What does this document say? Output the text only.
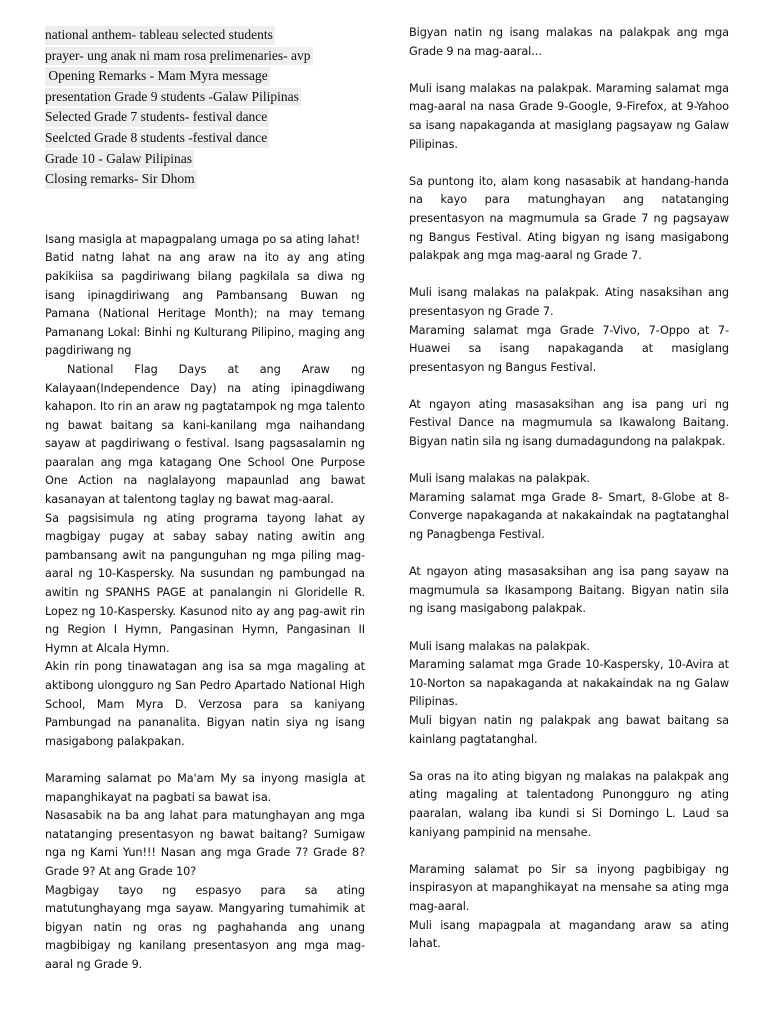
national anthem- tableau selected students
prayer- ung anak ni mam rosa prelimenaries- avp
Opening Remarks - Mam Myra message
presentation Grade 9 students -Galaw Pilipinas
Selected Grade 7 students- festival dance
Seelcted Grade 8 students -festival dance
Grade 10 - Galaw Pilipinas
Closing remarks- Sir Dhom

Isang masigla at mapagpalang umaga po sa ating lahat!

Batid natng lahat na ang araw na ito ay ang ating pakikiisa sa pagdiriwang bilang pagkilala sa diwa ng isang ipinagdiriwang ang Pambansang Buwan ng Pamana (National Heritage Month); na may temang Pamanang Lokal: Binhi ng Kulturang Pilipino, maging ang pagdiriwang ng

National Flag Days at ang Araw ng Kalayaan(Independence Day) na ating ipinagdiwang kahapon. Ito rin an araw ng pagtatampok ng mga talento ng bawat baitang sa kani-kanilang mga naihandang sayaw at pagdiriwang o festival. Isang pagsasalamin ng paaralan ang mga katagang One School One Purpose One Action na naglalayong mapaunlad ang bawat kasanayan at talentong taglay ng bawat mag-aaral.

Sa pagsisimula ng ating programa tayong lahat ay magbigay pugay at sabay sabay nating awitin ang pambansang awit na pangunguhan ng mga piling mag-aaral ng 10-Kaspersky. Na susundan ng pambungad na awitin ng SPANHS PAGE at panalangin ni Gloridelle R. Lopez ng 10-Kaspersky. Kasunod nito ay ang pag-awit rin ng Region I Hymn, Pangasinan Hymn, Pangasinan II Hymn at Alcala Hymn.

Akin rin pong tinawatagan ang isa sa mga magaling at aktibong ulongguro ng San Pedro Apartado National High School, Mam Myra D. Verzosa para sa kaniyang Pambungad na pananalita. Bigyan natin siya ng isang masigabong palakpakan.

Maraming salamat po Ma'am My sa inyong masigla at mapanghikayat na pagbati sa bawat isa.

Nasasabik na ba ang lahat para matunghayan ang mga natatanging presentasyon ng bawat baitang? Sumigaw nga ng Kami Yun!!! Nasan ang mga Grade 7? Grade 8? Grade 9? At ang Grade 10?

Magbigay tayo ng espasyo para sa ating matutunghayang mga sayaw. Mangyaring tumahimik at bigyan natin ng oras ng paghahanda ang unang magbibigay ng kanilang presentasyon ang mga mag-aaral ng Grade 9.

Bigyan natin ng isang malakas na palakpak ang mga Grade 9 na mag-aaral...

Muli isang malakas na palakpak. Maraming salamat mga mag-aaral na nasa Grade 9-Google, 9-Firefox, at 9-Yahoo sa isang napakaganda at masiglang pagsayaw ng Galaw Pilipinas.

Sa puntong ito, alam kong nasasabik at handang-handa na kayo para matunghayan ang natatanging presentasyon na magmumula sa Grade 7 ng pagsayaw ng Bangus Festival. Ating bigyan ng isang masigabong palakpak ang mga mag-aaral ng Grade 7.

Muli isang malakas na palakpak. Ating nasaksihan ang presentasyon ng Grade 7.

Maraming salamat mga Grade 7-Vivo, 7-Oppo at 7-Huawei sa isang napakaganda at masiglang presentasyon ng Bangus Festival.

At ngayon ating masasaksihan ang isa pang uri ng Festival Dance na magmumula sa Ikawalong Baitang. Bigyan natin sila ng isang dumadagundong na palakpak.

Muli isang malakas na palakpak.

Maraming salamat mga Grade 8- Smart, 8-Globe at 8-Converge napakaganda at nakakaindak na pagtatanghal ng Panagbenga Festival.

At ngayon ating masasaksihan ang isa pang sayaw na magmumula sa Ikasampong Baitang. Bigyan natin sila ng isang masigabong palakpak.

Muli isang malakas na palakpak.

Maraming salamat mga Grade 10-Kaspersky, 10-Avira at 10-Norton sa napakaganda at nakakaindak na ng Galaw Pilipinas.

Muli bigyan natin ng palakpak ang bawat baitang sa kainlang pagtatanghal.

Sa oras na ito ating bigyan ng malakas na palakpak ang ating magaling at talentadong Punongguro ng ating paaralan, walang iba kundi si Si Domingo L. Laud sa kaniyang pampinid na mensahe.

Maraming salamat po Sir sa inyong pagbibigay ng inspirasyon at mapanghikayat na mensahe sa ating mga mag-aaral.

Muli isang mapagpala at magandang araw sa ating lahat.
